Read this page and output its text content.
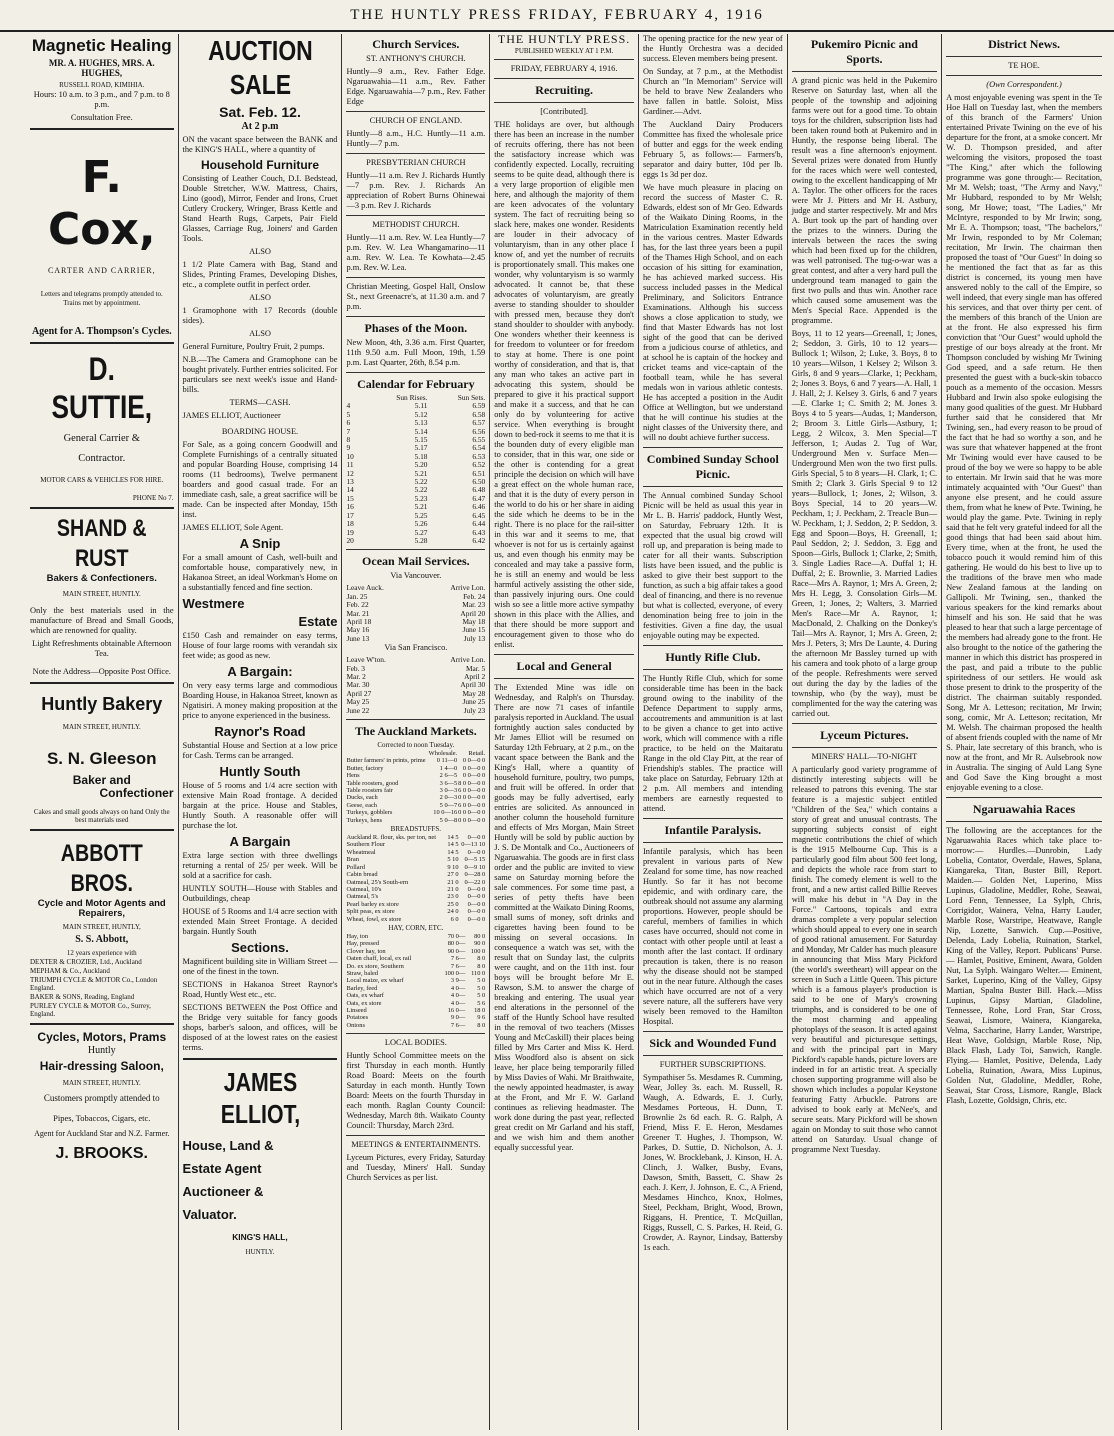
THE HUNTLY PRESS FRIDAY, FEBRUARY 4, 1916
Magnetic Healing
MR. A. HUGHES, MRS. A. HUGHES,
RUSSELL ROAD, KIMIHIA.
Hours: 10 a.m. to 3 p.m., and 7 p.m. to 8 p.m.
Consultation Free.
F. Cox,
CARTER AND CARRIER,
Letters and telegrams promptly attended to.
Trains met by appointment.
Agent for A. Thompson's Cycles.
D. SUTTIE,
General Carrier &
Contractor.
MOTOR CARS & VEHICLES FOR HIRE.
PHONE No 7.
SHAND & RUST
Bakers & Confectioners.
MAIN STREET, HUNTLY.
Only the best materials used in the manufacture of Bread and Small Goods, which are renowned for quality.
Light Refreshments obtainable Afternoon Tea.
Note the Address—Opposite Post Office.
Huntly Bakery
MAIN STREET, HUNTLY.
S. N. Gleeson
Baker and
Confectioner
Cakes and small goods always on hand Only the best materials used
ABBOTT BROS.
Cycle and Motor Agents and Repairers,
MAIN STREET, HUNTLY,
S. S. Abbott,
12 years experience with
DEXTER & CROZIER, Ltd., Auckland
MEPHAM & Co., Auckland
TRIUMPH CYCLE & MOTOR Co., London England.
BAKER & SONS, Reading, England
PURLEY CYCLE & MOTOR Co., Surrey, England.
Cycles, Motors, Prams
Huntly
Hair-dressing Saloon,
MAIN STREET, HUNTLY.
Customers promptly attended to
Pipes, Tobaccos, Cigars, etc.
Agent for Auckland Star and N.Z. Farmer.
J. BROOKS.
AUCTION SALE
Sat. Feb. 12.
At 2 p.m
ON the vacant space between the BANK and the KING'S HALL, where a quantity of
Household Furniture
Consisting of Leather Couch, D.I. Bedstead, Double Stretcher, W.W. Mattress, Chairs, Lino (good), Mirror, Fender and Irons, Cruet Cutlery Crockery, Wringer, Brass Kettle and Stand Hearth Rugs, Carpets, Pair Field Glasses, Carriage Rug, Joiners' and Garden Tools.
ALSO
1 1/2 Plate Camera with Bag, Stand and Slides, Printing Frames, Developing Dishes, etc., a complete outfit in perfect order.
ALSO
1 Gramophone with 17 Records (double sides).
ALSO
General Furniture, Poultry Fruit, 2 pumps.
N.B.—The Camera and Gramophone can be bought privately. Further entries solicited. For particulars see next week's issue and Hand-bills.
TERMS—CASH.
JAMES ELLIOT, Auctioneer
BOARDING HOUSE.
For Sale, as a going concern Goodwill and Complete Furnishings of a centrally situated and popular Boarding House, comprising 14 rooms (11 bedrooms), Twelve permanent boarders and good casual trade. For an immediate cash, sale, a great sacrifice will be made. Can be inspected after Monday, 15th inst.
JAMES ELLIOT, Sole Agent.
A Snip
For a small amount of Cash, well-built and comfortable house, comparatively new, in Hakanoa Street, an ideal Workman's Home on a substantially fenced and fine section.
Westmere
Estate
£150 Cash and remainder on easy terms, House of four large rooms with verandah six feet wide; as good as new.
A Bargain:
On very easy terms large and commodious Boarding House, in Hakanoa Street, known as Ngatisiri. A money making proposition at the price to anyone experienced in the business.
Raynor's Road
Substantial House and Section at a low price for Cash. Terms can be arranged.
Huntly South
House of 5 rooms and 1/4 acre section with extensive Main Road frontage. A decided bargain at the price. House and Stables, Huntly South. A reasonable offer will purchase the lot.
A Bargain
Extra large section with three dwellings returning a rental of 25/ per week. Will be sold at a sacrifice for cash.
HUNTLY SOUTH—House with Stables and Outbuildings, cheap
HOUSE of 5 Rooms and 1/4 acre section with extended Main Street Frontage. A decided bargain. Huntly South
Sections.
Magnificent building site in William Street — one of the finest in the town.
SECTIONS in Hakanoa Street Raynor's Road, Huntly West etc., etc.
SECTIONS BETWEEN the Post Office and the Bridge very suitable for fancy goods shops, barber's saloon, and offices, will be disposed of at the lowest rates on the easiest terms.
JAMES ELLIOT,
House, Land &
Estate Agent
Auctioneer &
Valuator.
KING'S HALL,
HUNTLY.
Church Services.
ST. ANTHONY'S CHURCH.
Huntly—9 a.m., Rev. Father Edge. Ngaruawahia—11 a.m., Rev. Father Edge. Ngaruawahia—7 p.m., Rev. Father Edge
CHURCH OF ENGLAND.
Huntly—8 a.m., H.C. Huntly—11 a.m. Huntly—7 p.m.
PRESBYTERIAN CHURCH
Huntly—11 a.m. Rev J. Richards Huntly—7 p.m. Rev. J. Richards An appreciation of Robert Burns Ohinewai—3 p.m. Rev J. Richards
METHODIST CHURCH.
Huntly—11 a.m. Rev. W. Lea Huntly—7 p.m. Rev. W. Lea Whangamarino—11 a.m. Rev. W. Lea. Te Kowhata—2.45 p.m. Rev. W. Lea.
Christian Meeting, Gospel Hall, Onslow St., next Greenacre's, at 11.30 a.m. and 7 p.m.
Phases of the Moon.
New Moon, 4th, 3.36 a.m. First Quarter, 11th 9.50 a.m. Full Moon, 19th, 1.59 p.m. Last Quarter, 26th, 8.54 p.m.
Calendar for February
	Sun Rises.	Sun Sets.
4	5.11	6.59
5	5.12	6.58
6	5.13	6.57
7	5.14	6.56
8	5.15	6.55
9	5.17	6.54
10	5.18	6.53
11	5.20	6.52
12	5.21	6.51
13	5.22	6.50
14	5.22	6.48
15	5.23	6.47
16	5.21	6.46
17	5.25	6.45
18	5.26	6.44
19	5.27	6.43
20	5.28	6.42
Ocean Mail Services.
Via Vancouver.
Leave Auck.	Arrive Lon.
Jan. 25	Feb. 24
Feb. 22	Mar. 23
Mar. 21	April 20
April 18	May 18
May 16	June 15
June 13	July 13
Via San Francisco.
Leave W'ton.	Arrive Lon.
Feb. 3	Mar. 5
Mar. 2	April 2
Mar. 30	April 30
April 27	May 28
May 25	June 25
June 22	July 23
The Auckland Markets.
Corrected to noon Tuesday.
	Wholesale.	Retail.
Butter farmers' in prints, prime	0 11—0	0 0—0 0
Butter, factory	1 4—0	0 0—0 0
Hens	2 6—5	0 0—0 0
Table roosters, good	3 6—5	8 0 0—0 0
Table roosters fair	3 0—3	6 0 0—0 0
Ducks, each	2 0—3	0 0 0—0 0
Geese, each	5 0—7	6 0 0—0 0
Turkeys, gobblers	10 0—16	0 0 0—0 0
Turkeys, hens	5 0—8	0 0 0—0 0
BREADSTUFFS.
Auckland R. flour, sks. per ton, net	14 5	0—0 0
Southern Flour	14 5	0—13 10
Wheatmeal	14 5	0—0 0
Bran	5 10	0—5 15
Pollard	9 10	0—9 10
Cabin bread	27 0	0—28 0
Oatmeal, 25's South-ern	21 0	0—22 0
Oatmeal, 10's	21 0	0—0 0
Oatmeal, 5's	23 0	0—0 0
Pearl barley ex store	25 0	0—0 0
Split peas, ex store	24 0	0—0 0
Wheat, fowl, ex store	6 0	0—0 0
HAY, CORN, ETC.
Hay, ton	70 0—	80 0
Hay, pressed	80 0—	90 0
Clover hay, ton	90 0—	100 0
Oaten chaff, local, ex rail	7 6—	8 0
Do. ex store, Southern	7 6—	8 0
Straw, baled	100 0—	110 0
Local maize, ex wharf	3 9—	5 0
Barley, feed	4 0—	5 0
Oats, ex wharf	4 0—	5 0
Oats, ex store	4 0—	5 6
Linseed	16 0—	18 0
Potatoes	9 0—	9 6
Onions	7 6—	8 0
LOCAL BODIES.
Huntly School Committee meets on the first Thursday in each month. Huntly Road Board: Meets on the fourth Saturday in each month. Huntly Town Board: Meets on the fourth Thursday in each month. Raglan County Council: Wednesday, March 8th. Waikato County Council: Thursday, March 23rd.
MEETINGS & ENTERTAINMENTS.
Lyceum Pictures, every Friday, Saturday and Tuesday, Miners' Hall. Sunday Church Services as per list.
THE HUNTLY PRESS.
PUBLISHED WEEKLY AT 1 P.M.
FRIDAY, FEBRUARY 4, 1916.
Recruiting.
[Contributed].
THE holidays are over, but although there has been an increase in the number of recruits offering, there has not been the satisfactory increase which was confidently expected. Locally, recruiting seems to be quite dead, although there is a very large proportion of eligible men here, and although the majority of them are keen advocates of the voluntary system. The fact of recruiting being so slack here, makes one wonder. Residents are louder in their advocacy of voluntaryism, than in any other place I know of, and yet the number of recruits is proportionately small. This makes one wonder, why voluntaryism is so warmly advocated. It cannot be, that these advocates of voluntaryism, are greatly averse to standing shoulder to shoulder with pressed men, because they don't stand shoulder to shoulder with anybody. One wonders whether their keenness is for freedom to volunteer or for freedom to stay at home. There is one point worthy of consideration, and that is, that any man who takes an active part in advocating this system, should be prepared to give it his practical support and make it a success, and that he can only do by volunteering for active service. When everything is brought down to bed-rock it seems to me that it is the bounden duty of every eligible man to consider, that in this war, one side or the other is contending for a great principle the decision on which will have a great effect on the whole human race, and that it is the duty of every person in the world to do his or her share in aiding the side which he deems to be in the right. There is no place for the rail-sitter in this war and it seems to me, that whoever is not for us is certainly against us, and even though his enmity may be concealed and may take a passive form, he is still an enemy and would be less harmful actively assisting the other side, than passively injuring ours. One could wish so see a little more active sympathy shown in this place with the Allies, and that there should be more support and encouragement given to those who do enlist.
Local and General
The Extended Mine was idle on Wednesday, and Ralph's on Thursday. There are now 71 cases of infantile paralysis reported in Auckland. The usual fortnightly auction sales conducted by Mr James Elliot will be resumed on Saturday 12th February, at 2 p.m., on the vacant space between the Bank and the King's Hall, where a quantity of household furniture, poultry, two pumps, and fruit will be offered. In order that goods may be fully advertised, early entries are solicited. As announced in another column the household furniture and effects of Mrs Morgan, Main Street Huntly will be sold by public auction by J. S. De Montalk and Co., Auctioneers of Ngaruawahia. The goods are in first class order and the public are invited to view same on Saturday morning before the sale commences. For some time past, a series of petty thefts have been committed at the Waikato Dining Rooms, small sums of money, soft drinks and cigarettes having been found to be missing on several occasions. In consequence a watch was set, with the result that on Sunday last, the culprits were caught, and on the 11th inst. four boys will be brought before Mr E. Rawson, S.M. to answer the charge of breaking and entering. The usual year end alterations in the personnel of the staff of the Huntly School have resulted in the removal of two teachers (Misses Young and McCaskill) their places being filled by Mrs Carter and Miss K. Herd. Miss Woodford also is absent on sick leave, her place being temporarily filled by Miss Davies of Wahi. Mr Braithwaite, the newly appointed headmaster, is away at the Front, and Mr F. W. Garland continues as relieving headmaster. The work done during the past year, reflected great credit on Mr Garland and his staff, and we wish him and them another equally successful year.
The opening practice for the new year of the Huntly Orchestra was a decided success. Eleven members being present.
On Sunday, at 7 p.m., at the Methodist Church an "In Memoriam" Service will be held to brave New Zealanders who have fallen in battle. Soloist, Miss Gardiner.—Advt.
The Auckland Dairy Producers Committee has fixed the wholesale price of butter and eggs for the week ending February 5, as follows:— Farmers'b, separator and dairy butter, 10d per lb. eggs 1s 3d per doz.
We have much pleasure in placing on record the success of Master C. R. Edwards, eldest son of Mr Geo. Edwards of the Waikato Dining Rooms, in the Matriculation Examination recently held in the various centres. Master Edwards has, for the last three years been a pupil of the Thames High School, and on each occasion of his sitting for examination, he has achieved marked success. His success included passes in the Medical Preliminary, and Solicitors Entrance Examinations. Although his success shows a close application to study, we find that Master Edwards has not lost sight of the good that can be derived from a judicious course of athletics, and at school he is captain of the hockey and cricket teams and vice-captain of the football team, while he has several medals won in various athletic contests. He has accepted a position in the Audit Office at Wellington, but we understand that he will continue his studies at the night classes of the University there, and will no doubt achieve further success.
Combined Sunday School Picnic.
The Annual combined Sunday School Picnic will be held as usual this year in Mr L. B. Harris' paddock, Huntly West, on Saturday, February 12th. It is expected that the usual big crowd will roll up, and preparation is being made to cater for all their wants. Subscription lists have been issued, and the public is asked to give their best support to the function, as such a big affair takes a good deal of financing, and there is no revenue but what is collected, everyone, of every denomination being free to join in the festivities. Given a fine day, the usual enjoyable outing may be expected.
Huntly Rifle Club.
The Huntly Rifle Club, which for some considerable time has been in the back ground owing to the inability of the Defence Department to supply arms, accoutrements and ammunition is at last to be given a chance to get into active work, which will commence with a rifle practice, to be held on the Maitaratu Range in the old Clay Pitt, at the rear of Friendship's stables. The practice will take place on Saturday, February 12th at 2 p.m. All members and intending members are earnestly requested to attend.
Infantile Paralysis.
Infantile paralysis, which has been prevalent in various parts of New Zealand for some time, has now reached Huntly. So far it has not become epidemic, and with ordinary care, the outbreak should not assume any alarming proportions. However, people should be careful, members of families in which cases have occurred, should not come in contact with other people until at least a month after the last contact. If ordinary precaution is taken, there is no reason why the disease should not be stamped out in the near future. Although the cases which have occurred are not of a very severe nature, all the sufferers have very wisely been removed to the Hamilton Hospital.
Sick and Wounded Fund
FURTHER SUBSCRIPTIONS.
Sympathiser 5s. Mesdames R. Cumming, Wear, Jolley 3s. each. M. Russell, R. Waugh, A. Edwards, E. J. Curly, Mesdames Porteous, H. Dunn, T. Brownlie 2s 6d each. R. G. Ralph, A Friend, Miss F. E. Heron, Mesdames Greener T. Hughes, J. Thompson, W. Parkes, D. Suttie, D. Nicholson, A. J. Jones, W. Brocklebank, J. Kinson, H. A. Clinch, J. Walker, Busby, Evans, Dawson, Smith, Bassett, C. Shaw 2s each. J. Kerr, J. Johnson, E. C., A Friend, Mesdames Hinchco, Knox, Holmes, Steel, Peckham, Bright, Wood, Brown, Riggans, H. Prentice, T. McQuillan, Riggs, Russell, C. S. Parkes, H. Reid, G. Crowder, A. Raynor, Lindsay, Battersby 1s each.
Pukemiro Picnic and Sports.
A grand picnic was held in the Pukemiro Reserve on Saturday last, when all the people of the township and adjoining farms were out for a good time. To obtain toys for the children, subscription lists had been taken round both at Pukemiro and in Huntly, the response being liberal. The result was a fine afternoon's enjoyment. Several prizes were donated from Huntly for the races which were well contested, owing to the excellent handicapping of Mr A. Taylor. The other officers for the races were Mr J. Pitters and Mr H. Astbury, judge and starter respectively. Mr and Mrs A. Burt took up the part of handing over the prizes to the winners. During the intervals between the races the swing which had been fixed up for the children, was well patronised. The tug-o-war was a great contest, and after a very hard pull the underground team managed to gain the first two pulls and thus win. Another race which caused some amusement was the Men's Special Race. Appended is the programme.
Boys, 11 to 12 years—Greenall, 1; Jones, 2; Seddon, 3. Girls, 10 to 12 years—Bullock 1; Wilson, 2; Luke, 3. Boys, 8 to 10 years—Wilson, 1 Kelsey 2; Wilson 3. Girls, 8 and 9 years—Clarke, 1; Peckham, 2; Jones 3. Boys, 6 and 7 years—A. Hall, 1 J. Hall, 2; J. Kelsey 3. Girls, 6 and 7 years—E. Clarke 1; C. Smith 2; M. Jones 3. Boys 4 to 5 years—Audas, 1; Manderson, 2; Broom 3. Little Girls—Astbury, 1; Legg, 2 Wilcox, 3. Men Special—T Jefferson, 1; Audas 2. Tug of War, Underground Men v. Surface Men—Underground Men won the two first pulls. Girls Special, 5 to 8 years—H. Clark, 1; C. Smith 2; Clark 3. Girls Special 9 to 12 years—Bullock, 1; Jones, 2; Wilson, 3. Boys Special, 14 to 20 years—W. Peckham, 1; J. Peckham, 2. Treacle Bun—W. Peckham, 1; J. Seddon, 2; P. Seddon, 3. Egg and Spoon—Boys, H. Greenall, 1; Paul Seddon, 2; J. Seddon, 3. Egg and Spoon—Girls, Bullock 1; Clarke, 2; Smith, 3. Single Ladies Race—A. Duffal 1; H. Duffal, 2; E. Brownlie, 3. Married Ladies Race—Mrs A. Raynor, 1; Mrs A. Green, 2; Mrs H. Legg, 3. Consolation Girls—M. Green, 1; Jones, 2; Walters, 3. Married Men's Race—Mr A. Raynor, 1; MacDonald, 2. Chalking on the Donkey's Tail—Mrs A. Raynor, 1; Mrs A. Green, 2; Mrs J. Peters, 3; Mrs De Launte, 4. During the afternoon Mr Bassley turned up with his camera and took photo of a large group of the people. Refreshments were served out during the day by the ladies of the township, who (by the way), must be complimented for the way the catering was carried out.
Lyceum Pictures.
MINERS' HALL—TO-NIGHT
A particularly good variety programme of distinctly interesting subjects will be released to patrons this evening. The star feature is a majestic subject entitled "Children of the Sea," which contains a story of great and unusual contrasts. The supporting subjects consist of eight magnetic contributions the chief of which is the 1915 Melbourne Cup. This is a particularly good film about 500 feet long, and depicts the whole race from start to finish. The comedy element is well to the front, and a new artist called Billie Reeves will make his debut in "A Day in the Force." Cartoons, topicals and extra dramas complete a very popular selection which should appeal to every one in search of good rational amusement. For Saturday and Monday, Mr Calder has much pleasure in announcing that Miss Mary Pickford (the world's sweetheart) will appear on the screen in Such a Little Queen. This picture which is a famous player's production is said to be one of Mary's crowning triumphs, and is considered to be one of the most charming and appealing photoplays of the season. It is acted against very beautiful and picturesque settings, and with the principal part in Mary Pickford's capable hands, picture lovers are indeed in for an artistic treat. A specially chosen supporting programme will also be shown which includes a popular Keystone featuring Fatty Arbuckle. Patrons are advised to book early at McNee's, and secure seats. Mary Pickford will be shown again on Monday to suit those who cannot attend on Saturday. Usual change of programme Next Tuesday.
District News.
TE HOE.
(Own Correspondent.)
A most enjoyable evening was spent in the Te Hoe Hall on Tuesday last, when the members of this branch of the Farmers' Union entertained Private Twining on the eve of his departure for the front, at a smoke concert. Mr W. D. Thompson presided, and after welcoming the visitors, proposed the toast "The King," after which the following programme was gone through:— Recitation, Mr M. Welsh; toast, "The Army and Navy," Mr Hubbard, responded to by Mr Welsh; song, Mr Howe; toast, "The Ladies," Mr McIntyre, responded to by Mr Irwin; song, Mr E. A. Thompson; toast, "The bachelors," Mr Irwin, responded to by Mr Coleman; recitation, Mr Irwin. The chairman then proposed the toast of "Our Guest" In doing so he mentioned the fact that as far as this district is concerned, its young men have answered nobly to the call of the Empire, so well indeed, that every single man has offered his services, and that over thirty per cent. of the members of this branch of the Union are at the front. He also expressed his firm conviction that "Our Guest" would uphold the prestige of our boys already at the front. Mr Thompson concluded by wishing Mr Twining God speed, and a safe return. He then presented the guest with a buck-skin tobacco pouch as a memento of the occasion. Messrs Hubbard and Irwin also spoke eulogising the many good qualities of the guest. Mr Hubbard further said that he considered that Mr Twining, sen., had every reason to be proud of the fact that he had so worthy a son, and he was sure that whatever happened at the front Mr Twining would ever have caused to be proud of the boy we were so happy to be able to entertain. Mr Irwin said that he was more intimately acquainted with "Our Guest" than anyone else present, and he could assure them, from what he knew of Pvte. Twining, he would play the game. Pvte. Twining in reply said that he felt very grateful indeed for all the good things that had been said about him. Every time, when at the front, he used the tobacco pouch it would remind him of this gathering. He would do his best to live up to the traditions of the brave men who made New Zealand famous at the landing on Gallipoli. Mr Twining, sen., thanked the various speakers for the kind remarks about himself and his son. He said that he was pleased to hear that such a large percentage of the members had already gone to the front. He also brought to the notice of the gathering the manner in which this district has prospered in the past, and paid a tribute to the public spiritedness of our settlers. He would ask those present to drink to the prosperity of the district. The chairman suitably responded. Song, Mr A. Letteson; recitation, Mr Irwin; song, comic, Mr A. Letteson; recitation, Mr M. Welsh. The chairman proposed the health of absent friends coupled with the name of Mr S. Phair, late secretary of this branch, who is now at the front, and Mr R. Aulsebrook now in Australia. The singing of Auld Lang Syne and God Save the King brought a most enjoyable evening to a close.
Ngaruawahia Races
The following are the acceptances for the Ngaruawahia Races which take place to-morrow:— Hurdles.—Dunrobin, Lady Lobelia, Contator, Overdale, Hawes, Splana, Kiangareka, Titan, Buster Bill, Report. Maiden.— Golden Net, Luperino, Miss Lupinus, Gladoline, Meddler, Rohe, Seawai, Lord Fenn, Tennessee, La Sylph, Chris, Corrigidor, Wainera, Velna, Harry Lauder, Marble Rose, Warstripe, Heatwave, Rangle Nip, Lozette, Sanwich. Cup.—Positive, Delenda, Lady Lobelia, Ruination, Starkel, King of the Valley, Report. Publicans' Purse.— Hamlet, Positive, Eminent, Awara, Golden Nut, La Sylph. Waingaro Welter.— Eminent, Sarket, Luperino, King of the Valley, Gipsy Martian, Spalna Buster Bill. Hack.—Miss Lupinus, Gipsy Martian, Gladoline, Tennessee, Rohe, Lord Fran, Star Cross, Seawai, Lismore, Wainera, Kiangareka, Velma, Saccharine, Harry Lander, Warstripe, Heat Wave, Goldsign, Marble Rose, Nip, Black Flash, Lady Toi, Sanwich, Rangle. Flying.— Hamlet, Positive, Delenda, Lady Lobelia, Ruination, Awara, Miss Lupinus, Golden Nut, Gladoline, Meddler, Rohe, Seawai, Star Cross, Lismore, Rangle, Black Flash, Lozette, Goldsign, Chris, etc.
